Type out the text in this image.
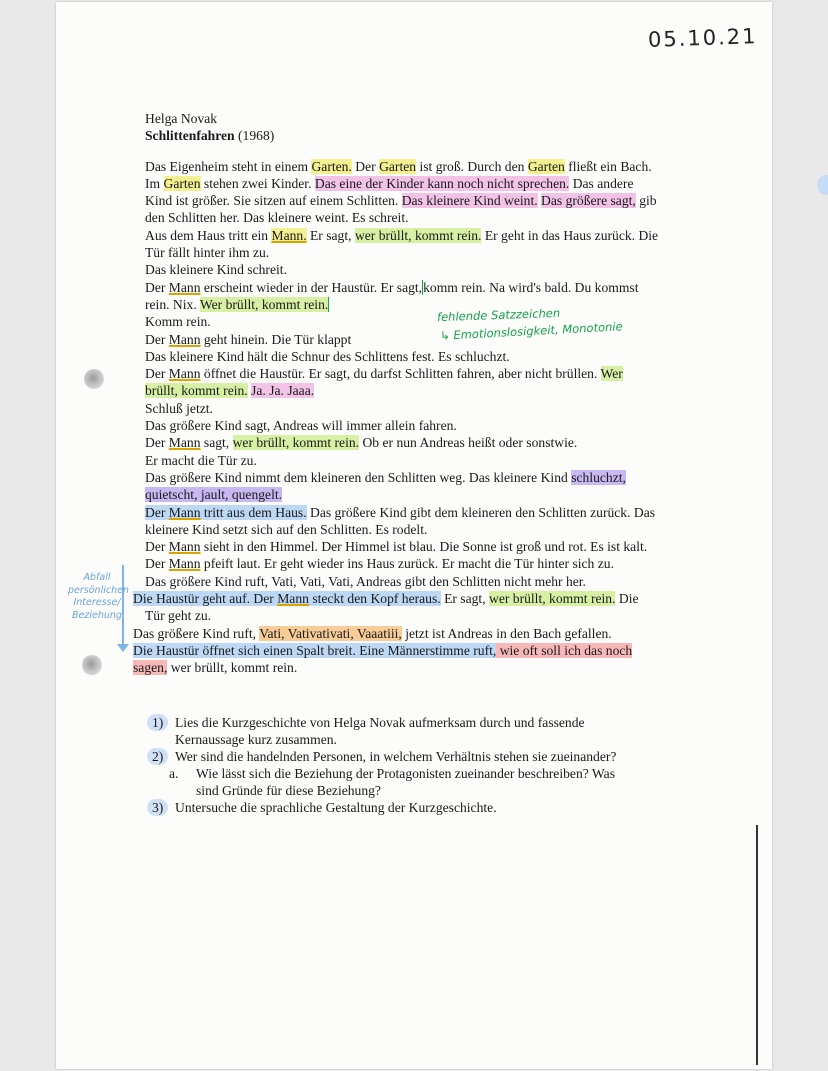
05.10.21
Helga Novak
Schlittenfahren (1968)
Das Eigenheim steht in einem Garten. Der Garten ist groß. Durch den Garten fließt ein Bach.
Im Garten stehen zwei Kinder. Das eine der Kinder kann noch nicht sprechen. Das andere
Kind ist größer. Sie sitzen auf einem Schlitten. Das kleinere Kind weint. Das größere sagt, gib
den Schlitten her. Das kleinere weint. Es schreit.
Aus dem Haus tritt ein Mann. Er sagt, wer brüllt, kommt rein. Er geht in das Haus zurück. Die
Tür fällt hinter ihm zu.
Das kleinere Kind schreit.
Der Mann erscheint wieder in der Haustür. Er sagt,komm rein. Na wird's bald. Du kommst
rein. Nix. Wer brüllt, kommt rein.
Komm rein.
Der Mann geht hinein. Die Tür klappt
Das kleinere Kind hält die Schnur des Schlittens fest. Es schluchzt.
Der Mann öffnet die Haustür. Er sagt, du darfst Schlitten fahren, aber nicht brüllen. Wer
brüllt, kommt rein. Ja. Ja. Jaaa.
Schluß jetzt.
Das größere Kind sagt, Andreas will immer allein fahren.
Der Mann sagt, wer brüllt, kommt rein. Ob er nun Andreas heißt oder sonstwie.
Er macht die Tür zu.
Das größere Kind nimmt dem kleineren den Schlitten weg. Das kleinere Kind schluchzt,
quietscht, jault, quengelt.
Der Mann tritt aus dem Haus. Das größere Kind gibt dem kleineren den Schlitten zurück. Das
kleinere Kind setzt sich auf den Schlitten. Es rodelt.
Der Mann sieht in den Himmel. Der Himmel ist blau. Die Sonne ist groß und rot. Es ist kalt.
Der Mann pfeift laut. Er geht wieder ins Haus zurück. Er macht die Tür hinter sich zu.
Das größere Kind ruft, Vati, Vati, Vati, Andreas gibt den Schlitten nicht mehr her.
Die Haustür geht auf. Der Mann steckt den Kopf heraus. Er sagt, wer brüllt, kommt rein. Die
Tür geht zu.
Das größere Kind ruft, Vati, Vativativati, Vaaatiii, jetzt ist Andreas in den Bach gefallen.
Die Haustür öffnet sich einen Spalt breit. Eine Männerstimme ruft, wie oft soll ich das noch
sagen, wer brüllt, kommt rein.
fehlende Satzzeichen
↳ Emotionslosigkeit, Monotonie
Abfall
persönlichen
Interesse/
Beziehung
1) Lies die Kurzgeschichte von Helga Novak aufmerksam durch und fassende
Kernaussage kurz zusammen.
2) Wer sind die handelnden Personen, in welchem Verhältnis stehen sie zueinander?
a. Wie lässt sich die Beziehung der Protagonisten zueinander beschreiben? Was
sind Gründe für diese Beziehung?
3) Untersuche die sprachliche Gestaltung der Kurzgeschichte.
